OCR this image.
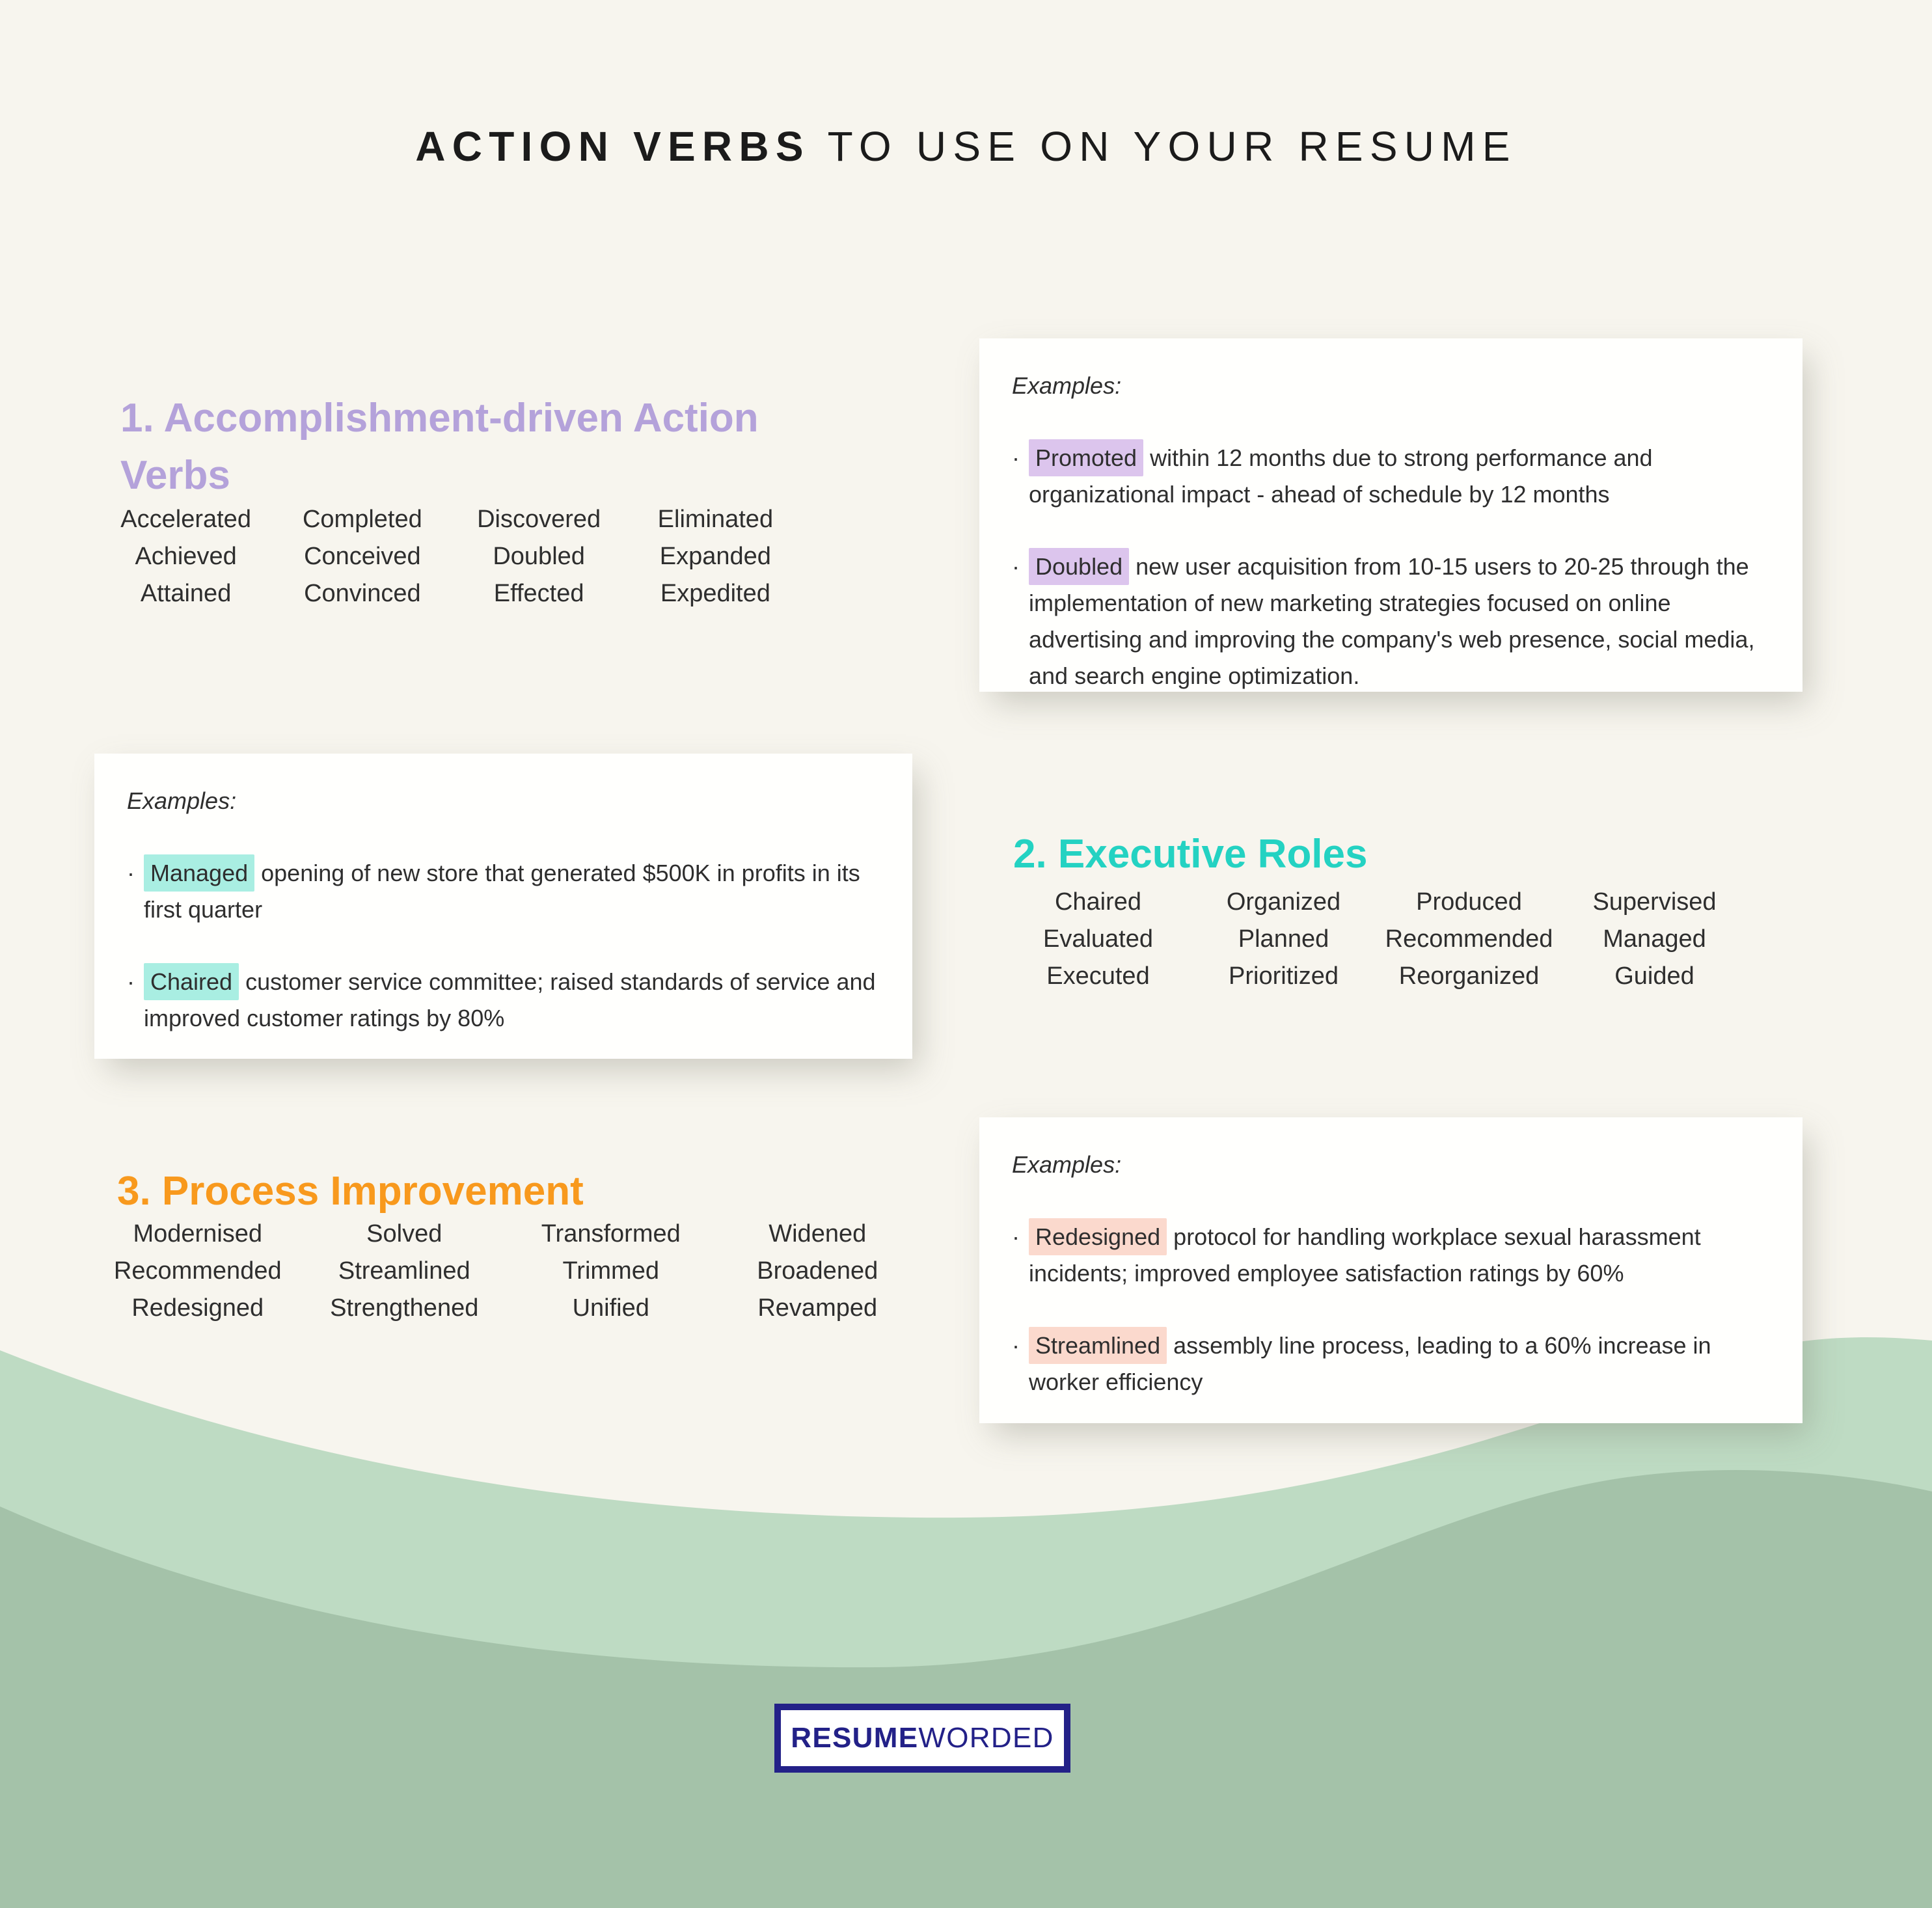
ACTION VERBS TO USE ON YOUR RESUME
1. Accomplishment-driven Action Verbs
Accelerated	Completed	Discovered	Eliminated
Achieved	Conceived	Doubled	Expanded
Attained	Convinced	Effected	Expedited

Examples:

· Promoted within 12 months due to strong performance and organizational impact - ahead of schedule by 12 months
· Doubled new user acquisition from 10-15 users to 20-25 through the implementation of new marketing strategies focused on online advertising and improving the company's web presence, social media, and search engine optimization.

Examples:

· Managed opening of new store that generated $500K in profits in its first quarter
· Chaired customer service committee; raised standards of service and improved customer ratings by 80%
2. Executive Roles
Chaired	Organized	Produced	Supervised
Evaluated	Planned	Recommended	Managed
Executed	Prioritized	Reorganized	Guided
3. Process Improvement
Modernised	Solved	Transformed	Widened
Recommended	Streamlined	Trimmed	Broadened
Redesigned	Strengthened	Unified	Revamped

Examples:

· Redesigned protocol for handling workplace sexual harassment incidents; improved employee satisfaction ratings by 60%
· Streamlined assembly line process, leading to a 60% increase in worker efficiency
RESUME WORDED
